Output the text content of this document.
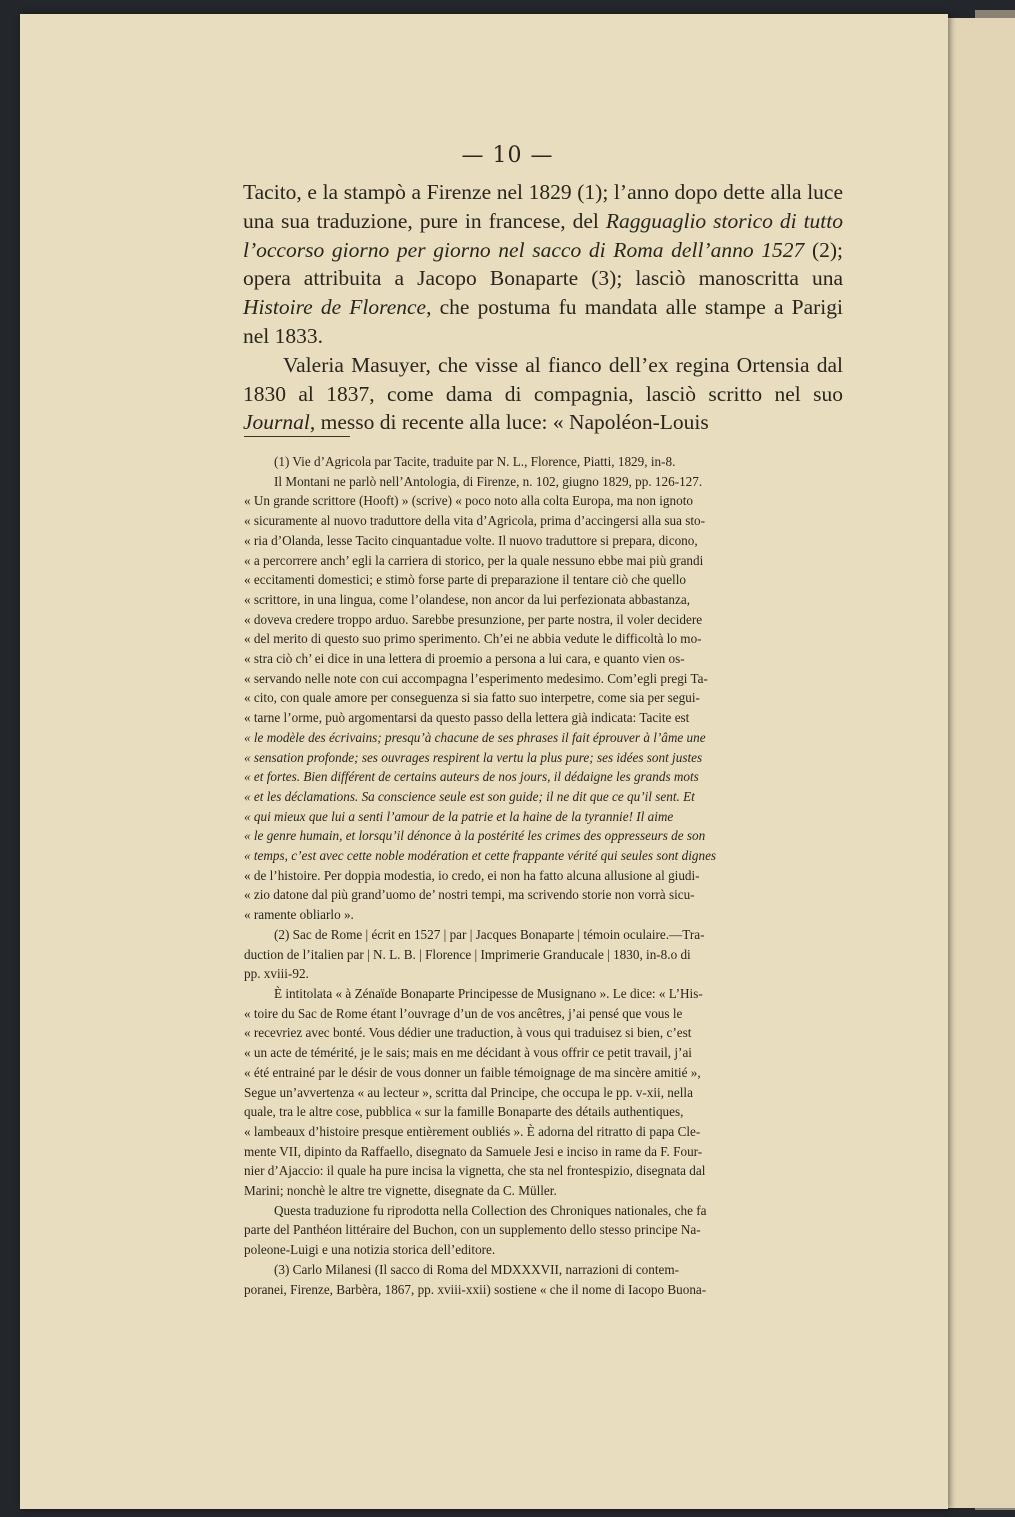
— 10 —

Tacito, e la stampò a Firenze nel 1829 (1); l’anno dopo dette alla luce una sua traduzione, pure in francese, del Ragguaglio storico di tutto l’occorso giorno per giorno nel sacco di Roma dell’anno 1527 (2); opera attribuita a Jacopo Bonaparte (3); lasciò manoscritta una Histoire de Florence, che postuma fu mandata alle stampe a Parigi nel 1833.

Valeria Masuyer, che visse al fianco dell’ex regina Ortensia dal 1830 al 1837, come dama di compagnia, lasciò scritto nel suo Journal, messo di recente alla luce: « Napoléon-Louis

(1) Vie d’Agricola par Tacite, traduite par N. L., Florence, Piatti, 1829, in-8.
Il Montani ne parlò nell’Antologia, di Firenze, n. 102, giugno 1829, pp. 126-127.
« Un grande scrittore (Hooft) » (scrive) « poco noto alla colta Europa, ma non ignoto
« sicuramente al nuovo traduttore della vita d’Agricola, prima d’accingersi alla sua sto-
« ria d’Olanda, lesse Tacito cinquantadue volte. Il nuovo traduttore si prepara, dicono,
« a percorrere anch’ egli la carriera di storico, per la quale nessuno ebbe mai più grandi
« eccitamenti domestici; e stimò forse parte di preparazione il tentare ciò che quello
« scrittore, in una lingua, come l’olandese, non ancor da lui perfezionata abbastanza,
« doveva credere troppo arduo. Sarebbe presunzione, per parte nostra, il voler decidere
« del merito di questo suo primo sperimento. Ch’ei ne abbia vedute le difficoltà lo mo-
« stra ciò ch’ ei dice in una lettera di proemio a persona a lui cara, e quanto vien os-
« servando nelle note con cui accompagna l’esperimento medesimo. Com’egli pregi Ta-
« cito, con quale amore per conseguenza si sia fatto suo interpetre, come sia per segui-
« tarne l’orme, può argomentarsi da questo passo della lettera già indicata: Tacite est
« le modèle des écrivains; presqu’à chacune de ses phrases il fait éprouver à l’âme une
« sensation profonde; ses ouvrages respirent la vertu la plus pure; ses idées sont justes
« et fortes. Bien différent de certains auteurs de nos jours, il dédaigne les grands mots
« et les déclamations. Sa conscience seule est son guide; il ne dit que ce qu’il sent. Et
« qui mieux que lui a senti l’amour de la patrie et la haine de la tyrannie! Il aime
« le genre humain, et lorsqu’il dénonce à la postérité les crimes des oppresseurs de son
« temps, c’est avec cette noble modération et cette frappante vérité qui seules sont dignes
« de l’histoire. Per doppia modestia, io credo, ei non ha fatto alcuna allusione al giudi-
« zio datone dal più grand’uomo de’ nostri tempi, ma scrivendo storie non vorrà sicu-
« ramente obliarlo ».
(2) Sac de Rome | écrit en 1527 | par | Jacques Bonaparte | témoin oculaire.—Tra-
duction de l’italien par | N. L. B. | Florence | Imprimerie Granducale | 1830, in-8.o di
pp. xviii-92.
È intitolata « à Zénaïde Bonaparte Principesse de Musignano ». Le dice: « L’His-
« toire du Sac de Rome étant l’ouvrage d’un de vos ancêtres, j’ai pensé que vous le
« recevriez avec bonté. Vous dédier une traduction, à vous qui traduisez si bien, c’est
« un acte de témérité, je le sais; mais en me décidant à vous offrir ce petit travail, j’ai
« été entrainé par le désir de vous donner un faible témoignage de ma sincère amitié »,
Segue un’avvertenza « au lecteur », scritta dal Principe, che occupa le pp. v-xii, nella
quale, tra le altre cose, pubblica « sur la famille Bonaparte des détails authentiques,
« lambeaux d’histoire presque entièrement oubliés ». È adorna del ritratto di papa Cle-
mente VII, dipinto da Raffaello, disegnato da Samuele Jesi e inciso in rame da F. Four-
nier d’Ajaccio: il quale ha pure incisa la vignetta, che sta nel frontespizio, disegnata dal
Marini; nonchè le altre tre vignette, disegnate da C. Müller.
Questa traduzione fu riprodotta nella Collection des Chroniques nationales, che fa
parte del Panthéon littéraire del Buchon, con un supplemento dello stesso principe Na-
poleone-Luigi e una notizia storica dell’editore.
(3) Carlo Milanesi (Il sacco di Roma del MDXXXVII, narrazioni di contem-
poranei, Firenze, Barbèra, 1867, pp. xviii-xxii) sostiene « che il nome di Iacopo Buona-
